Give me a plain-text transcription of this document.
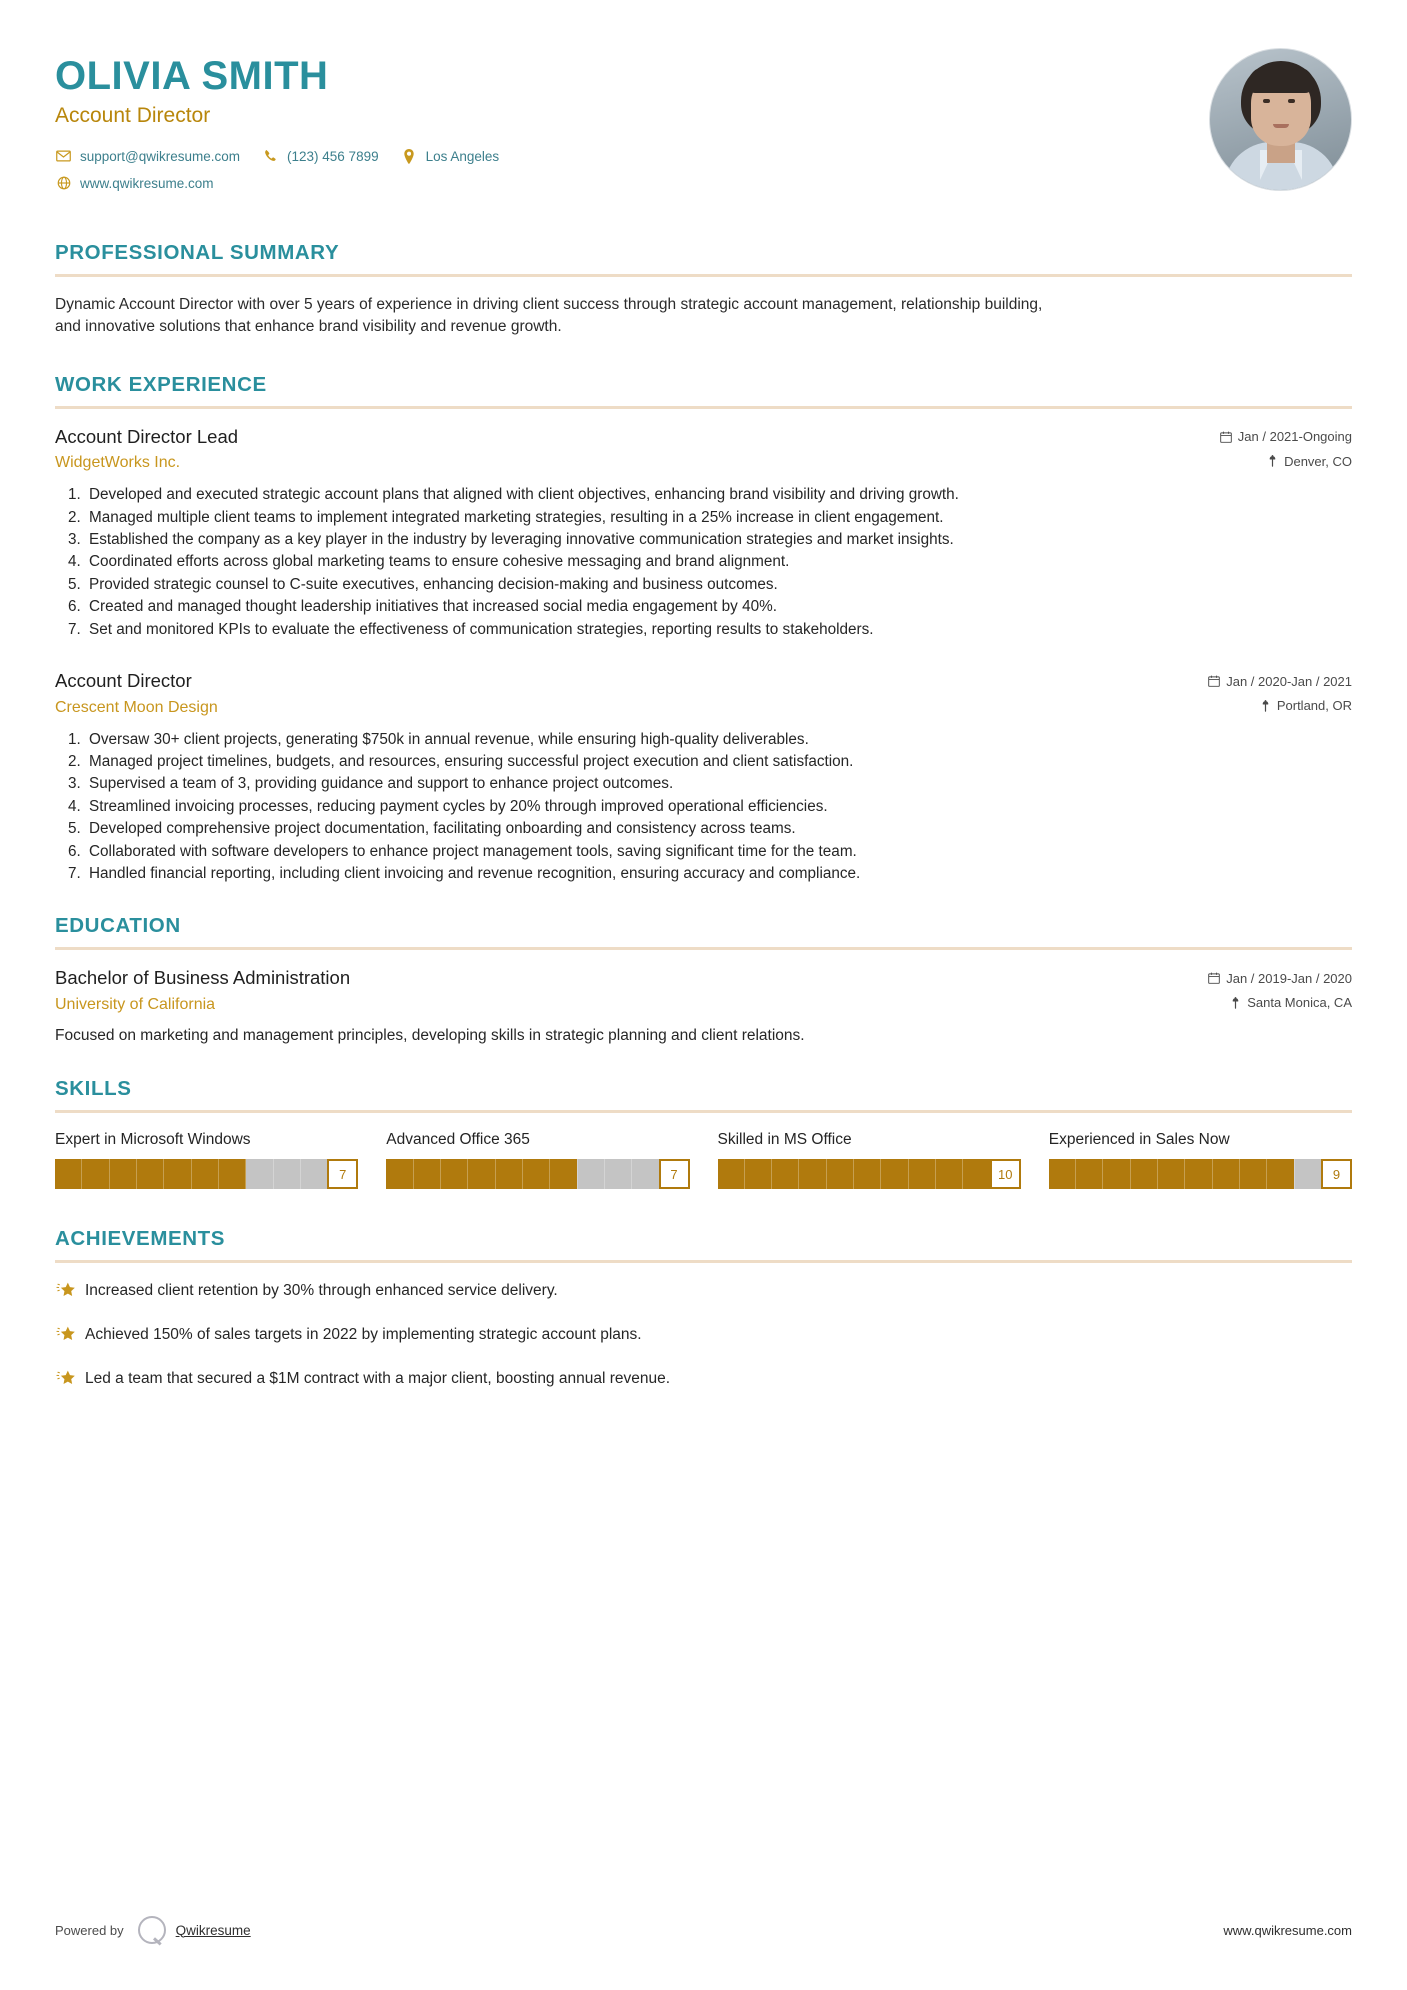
OLIVIA SMITH
Account Director
support@qwikresume.com	(123) 456 7899	Los Angeles
www.qwikresume.com
PROFESSIONAL SUMMARY
Dynamic Account Director with over 5 years of experience in driving client success through strategic account management, relationship building, and innovative solutions that enhance brand visibility and revenue growth.
WORK EXPERIENCE
Account Director Lead	Jan / 2021-Ongoing
WidgetWorks Inc.	Denver, CO
1. Developed and executed strategic account plans that aligned with client objectives, enhancing brand visibility and driving growth.
2. Managed multiple client teams to implement integrated marketing strategies, resulting in a 25% increase in client engagement.
3. Established the company as a key player in the industry by leveraging innovative communication strategies and market insights.
4. Coordinated efforts across global marketing teams to ensure cohesive messaging and brand alignment.
5. Provided strategic counsel to C-suite executives, enhancing decision-making and business outcomes.
6. Created and managed thought leadership initiatives that increased social media engagement by 40%.
7. Set and monitored KPIs to evaluate the effectiveness of communication strategies, reporting results to stakeholders.
Account Director	Jan / 2020-Jan / 2021
Crescent Moon Design	Portland, OR
1. Oversaw 30+ client projects, generating $750k in annual revenue, while ensuring high-quality deliverables.
2. Managed project timelines, budgets, and resources, ensuring successful project execution and client satisfaction.
3. Supervised a team of 3, providing guidance and support to enhance project outcomes.
4. Streamlined invoicing processes, reducing payment cycles by 20% through improved operational efficiencies.
5. Developed comprehensive project documentation, facilitating onboarding and consistency across teams.
6. Collaborated with software developers to enhance project management tools, saving significant time for the team.
7. Handled financial reporting, including client invoicing and revenue recognition, ensuring accuracy and compliance.
EDUCATION
Bachelor of Business Administration	Jan / 2019-Jan / 2020
University of California	Santa Monica, CA
Focused on marketing and management principles, developing skills in strategic planning and client relations.
SKILLS
Expert in Microsoft Windows
7
Advanced Office 365
7
Skilled in MS Office
10
Experienced in Sales Now
9
ACHIEVEMENTS
Increased client retention by 30% through enhanced service delivery.
Achieved 150% of sales targets in 2022 by implementing strategic account plans.
Led a team that secured a $1M contract with a major client, boosting annual revenue.
Powered by	Qwikresume	www.qwikresume.com
